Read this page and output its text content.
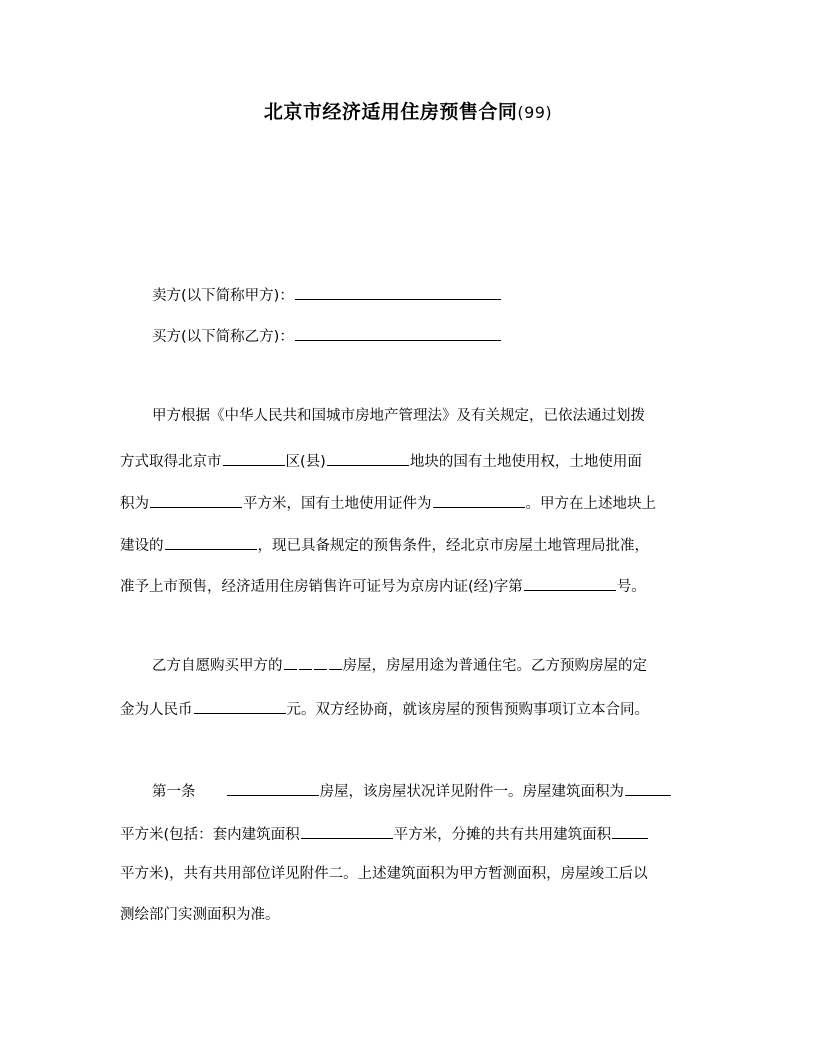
北京市经济适用住房预售合同(99)
卖方(以下简称甲方)：
买方(以下简称乙方)：
甲方根据《中华人民共和国城市房地产管理法》及有关规定，已依法通过划拨
方式取得北京市	区(县)	地块的国有土地使用权，土地使用面
积为	平方米，国有土地使用证件为	。甲方在上述地块上
建设的	，现已具备规定的预售条件，经北京市房屋土地管理局批准，
准予上市预售，经济适用住房销售许可证号为京房内证(经)字第	号。
乙方自愿购买甲方的	房屋，房屋用途为普通住宅。乙方预购房屋的定
金为人民币	元。双方经协商，就该房屋的预售预购事项订立本合同。
第一条	房屋，该房屋状况详见附件一。房屋建筑面积为
平方米(包括：套内建筑面积	平方米，分摊的共有共用建筑面积
平方米)，共有共用部位详见附件二。上述建筑面积为甲方暂测面积，房屋竣工后以
测绘部门实测面积为准。
